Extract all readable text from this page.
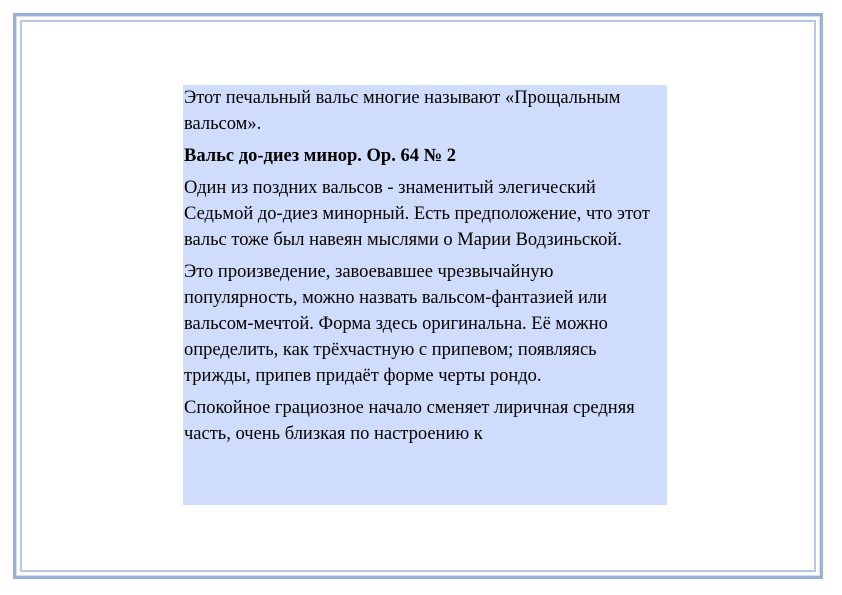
Этот печальный вальс многие называют «Прощальным вальсом».

Вальс до-диез минор. Ор. 64 № 2

Один из поздних вальсов - знаменитый элегический Седьмой до-диез минорный. Есть предположение, что этот вальс тоже был навеян мыслями о Марии Водзиньской.

Это произведение, завоевавшее чрезвычайную популярность, можно назвать вальсом-фантазией или вальсом-мечтой. Форма здесь оригинальна. Её можно определить, как трёхчастную с припевом; появляясь трижды, припев придаёт форме черты рондо.

Спокойное грациозное начало сменяет лиричная средняя часть, очень близкая по настроению к
